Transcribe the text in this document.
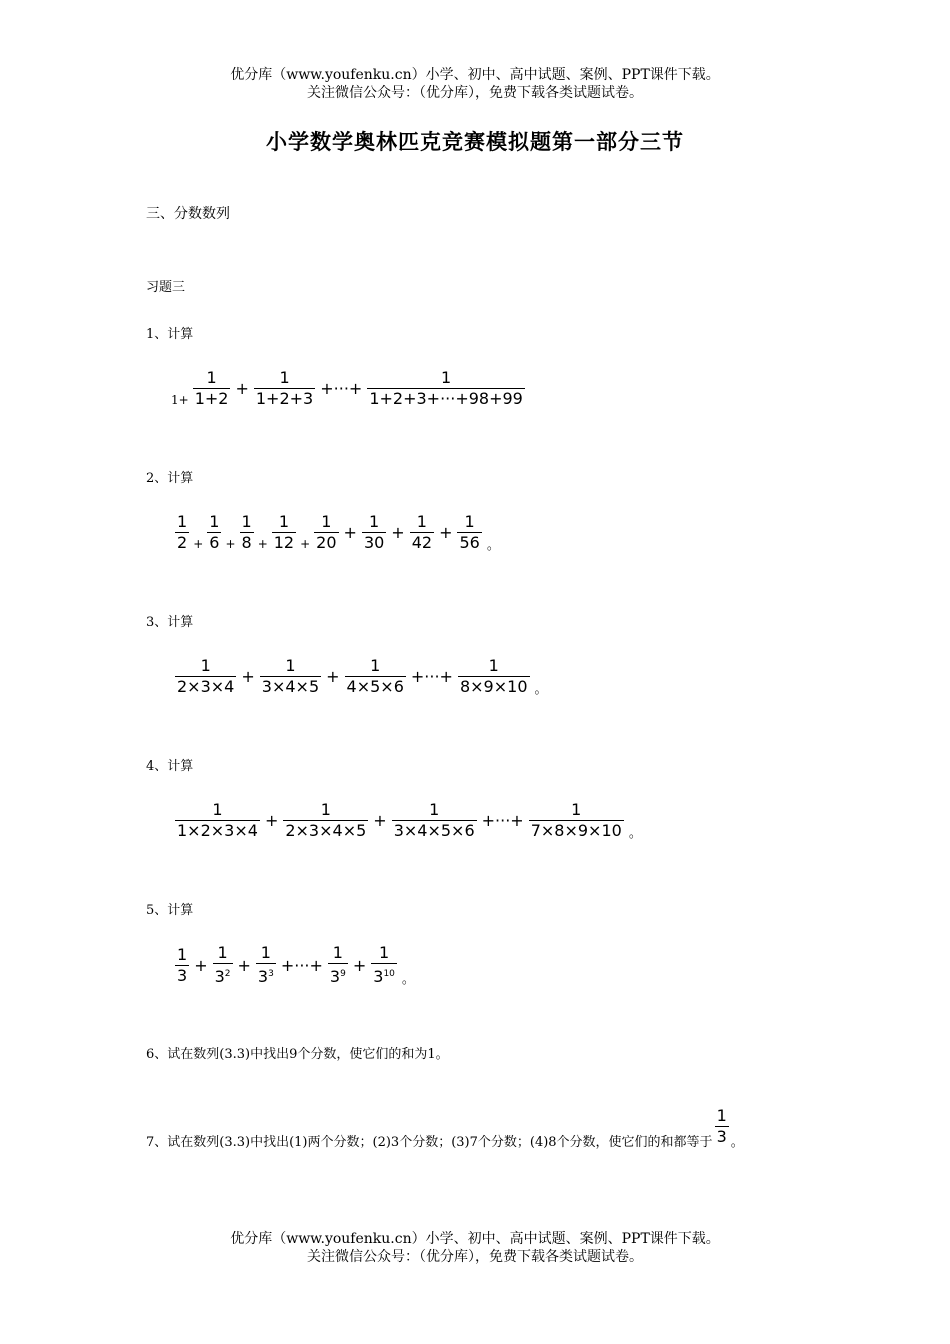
优分库（www.youfenku.cn）小学、初中、高中试题、案例、PPT课件下载。
关注微信公众号：（优分库），免费下载各类试题试卷。
小学数学奥林匹克竞赛模拟题第一部分三节
三、分数数列
习题三
1、计算
$1+ \frac{1}{1+2} + \frac{1}{1+2+3}$ +···+ $\frac{1}{1+2+3+\cdot\cdot\cdot+98+99}$
2、计算
$\frac{1}{2} + \frac{1}{6} + \frac{1}{8} + \frac{1}{12} + \frac{1}{20} + \frac{1}{30} + \frac{1}{42} + \frac{1}{56}$ 。
3、计算
$\frac{1}{2\times 3\times 4} + \frac{1}{3\times 4\times 5} + \frac{1}{4\times 5\times 6}$ +···+ $\frac{1}{8\times 9\times 10}$ 。
4、计算
$\frac{1}{1\times 2\times 3\times 4} + \frac{1}{2\times 3\times 4\times 5} + \frac{1}{3\times 4\times 5\times 6}$ +···+ $\frac{1}{7\times 8\times 9\times 10}$ 。
5、计算
$\frac{1}{3} + \frac{1}{3^2} + \frac{1}{3^3}$ +···+ $\frac{1}{3^9} + \frac{1}{3^{10}}$ 。
6、试在数列(3.3)中找出9个分数，使它们的和为1。
7、试在数列(3.3)中找出(1)两个分数；(2)3个分数；(3)7个分数；(4)8个分数，使它们的和都等于 $\frac{1}{3}$ 。
优分库（www.youfenku.cn）小学、初中、高中试题、案例、PPT课件下载。
关注微信公众号：（优分库），免费下载各类试题试卷。
